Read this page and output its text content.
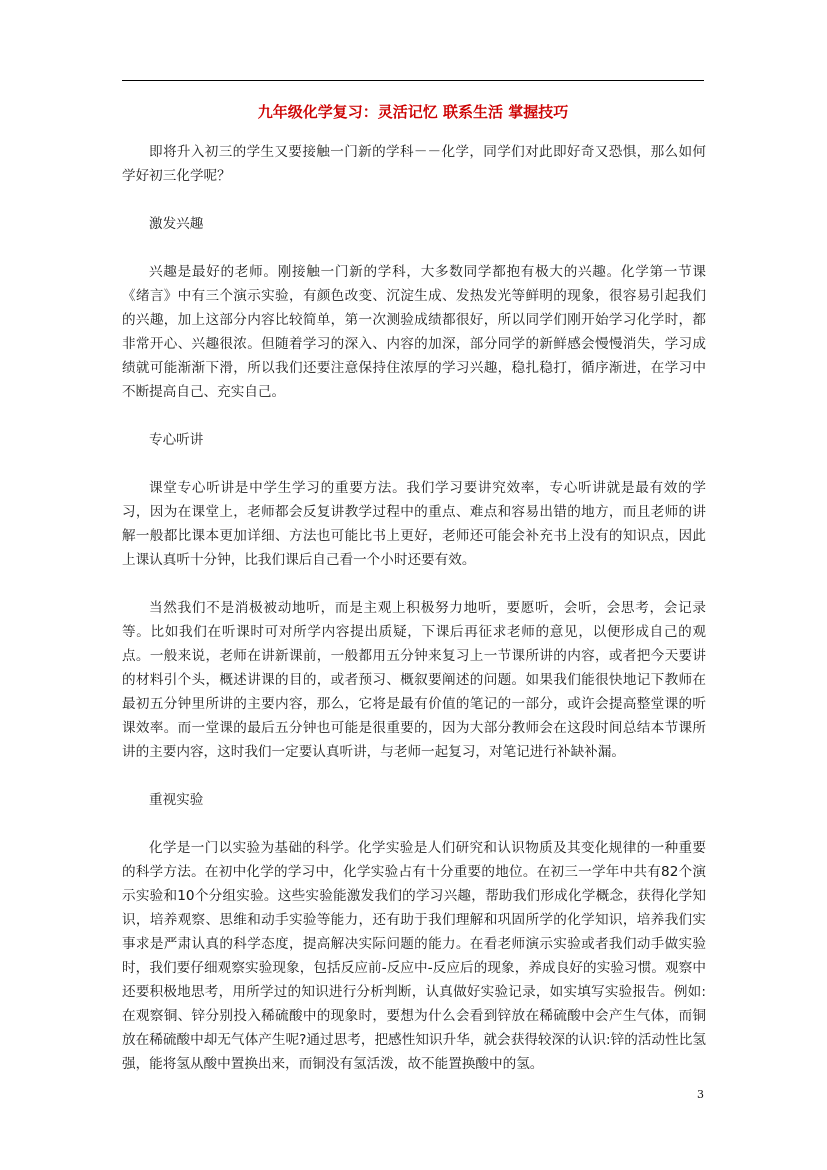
九年级化学复习：灵活记忆 联系生活 掌握技巧

即将升入初三的学生又要接触一门新的学科－－化学，同学们对此即好奇又恐惧，那么如何学好初三化学呢？

激发兴趣

兴趣是最好的老师。刚接触一门新的学科，大多数同学都抱有极大的兴趣。化学第一节课《绪言》中有三个演示实验，有颜色改变、沉淀生成、发热发光等鲜明的现象，很容易引起我们的兴趣，加上这部分内容比较简单，第一次测验成绩都很好，所以同学们刚开始学习化学时，都非常开心、兴趣很浓。但随着学习的深入、内容的加深，部分同学的新鲜感会慢慢消失，学习成绩就可能渐渐下滑，所以我们还要注意保持住浓厚的学习兴趣，稳扎稳打，循序渐进，在学习中不断提高自己、充实自己。

专心听讲

课堂专心听讲是中学生学习的重要方法。我们学习要讲究效率，专心听讲就是最有效的学习，因为在课堂上，老师都会反复讲教学过程中的重点、难点和容易出错的地方，而且老师的讲解一般都比课本更加详细、方法也可能比书上更好，老师还可能会补充书上没有的知识点，因此上课认真听十分钟，比我们课后自己看一个小时还要有效。

当然我们不是消极被动地听，而是主观上积极努力地听，要愿听，会听，会思考，会记录等。比如我们在听课时可对所学内容提出质疑，下课后再征求老师的意见，以便形成自己的观点。一般来说，老师在讲新课前，一般都用五分钟来复习上一节课所讲的内容，或者把今天要讲的材料引个头，概述讲课的目的，或者预习、概叙要阐述的问题。如果我们能很快地记下教师在最初五分钟里所讲的主要内容，那么，它将是最有价值的笔记的一部分，或许会提高整堂课的听课效率。而一堂课的最后五分钟也可能是很重要的，因为大部分教师会在这段时间总结本节课所讲的主要内容，这时我们一定要认真听讲，与老师一起复习，对笔记进行补缺补漏。

重视实验

化学是一门以实验为基础的科学。化学实验是人们研究和认识物质及其变化规律的一种重要的科学方法。在初中化学的学习中，化学实验占有十分重要的地位。在初三一学年中共有82个演示实验和10个分组实验。这些实验能激发我们的学习兴趣，帮助我们形成化学概念，获得化学知识，培养观察、思维和动手实验等能力，还有助于我们理解和巩固所学的化学知识，培养我们实事求是严肃认真的科学态度，提高解决实际问题的能力。在看老师演示实验或者我们动手做实验时，我们要仔细观察实验现象，包括反应前-反应中-反应后的现象，养成良好的实验习惯。观察中还要积极地思考，用所学过的知识进行分析判断，认真做好实验记录，如实填写实验报告。例如:在观察铜、锌分别投入稀硫酸中的现象时，要想为什么会看到锌放在稀硫酸中会产生气体，而铜放在稀硫酸中却无气体产生呢?通过思考，把感性知识升华，就会获得较深的认识:锌的活动性比氢强，能将氢从酸中置换出来，而铜没有氢活泼，故不能置换酸中的氢。

3
